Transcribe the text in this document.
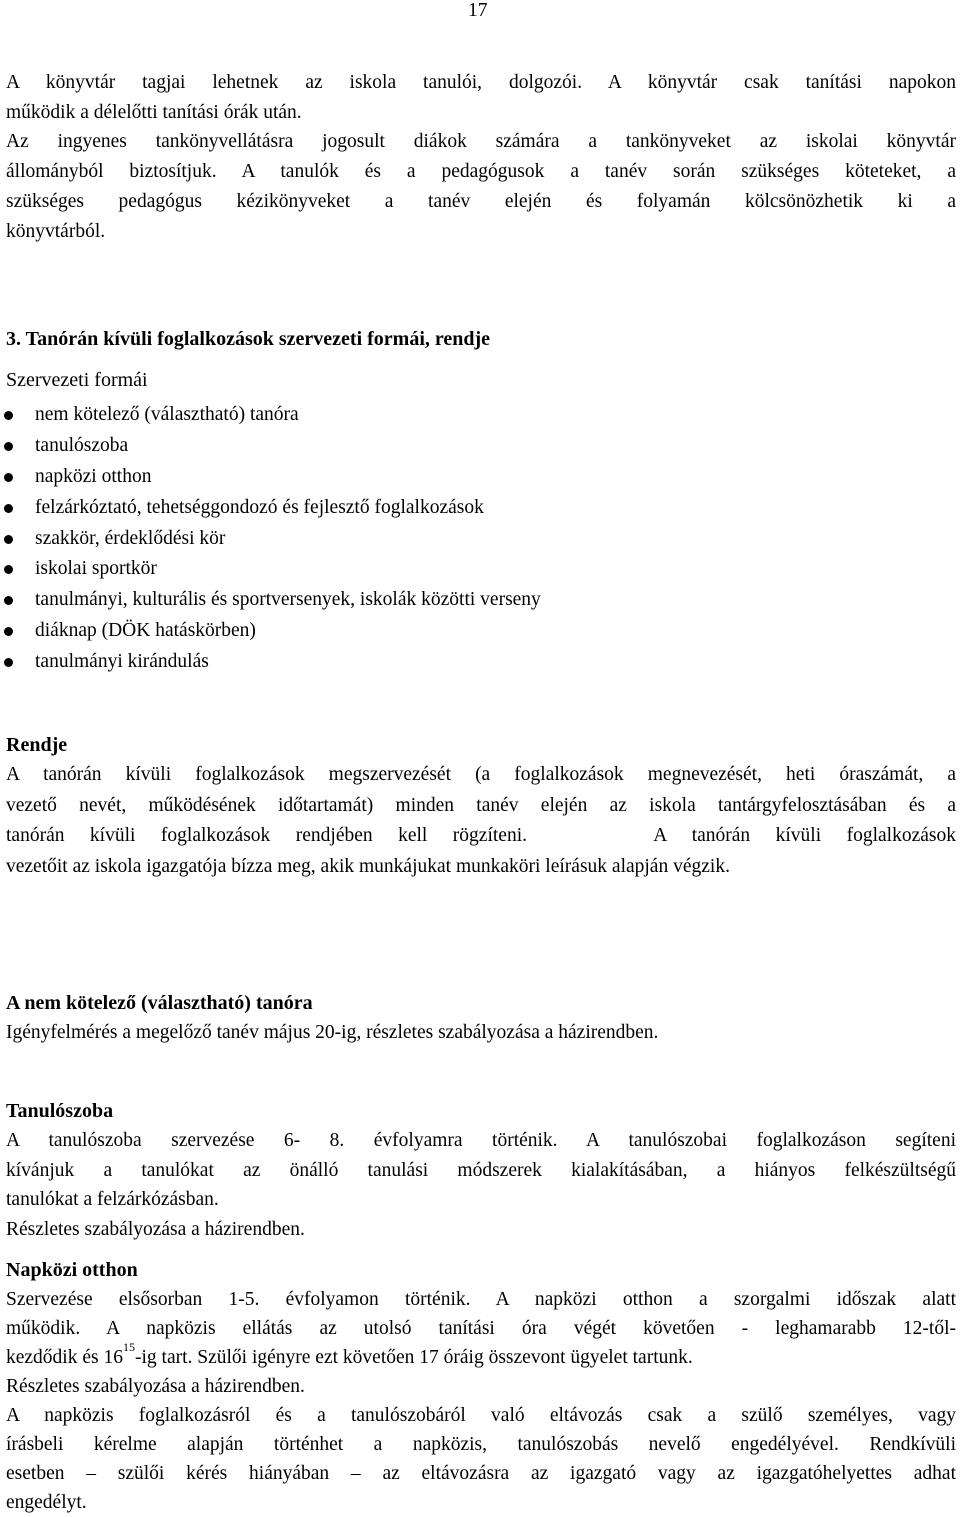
17
A könyvtár tagjai lehetnek az iskola tanulói, dolgozói. A könyvtár csak tanítási napokon
működik a délelőtti tanítási órák után.
Az ingyenes tankönyvellátásra jogosult diákok számára a tankönyveket az iskolai könyvtár
állományból biztosítjuk. A tanulók és a pedagógusok a tanév során szükséges köteteket, a
szükséges pedagógus kézikönyveket a tanév elején és folyamán kölcsönözhetik ki a
könyvtárból.
3. Tanórán kívüli foglalkozások szervezeti formái, rendje
Szervezeti formái
nem kötelező (választható) tanóra
tanulószoba
napközi otthon
felzárkóztató, tehetséggondozó és fejlesztő foglalkozások
szakkör, érdeklődési kör
iskolai sportkör
tanulmányi, kulturális és sportversenyek, iskolák közötti verseny
diáknap (DÖK hatáskörben)
tanulmányi kirándulás
Rendje
A tanórán kívüli foglalkozások megszervezését (a foglalkozások megnevezését, heti óraszámát, a
vezető nevét, működésének időtartamát) minden tanév elején az iskola tantárgyfelosztásában és a
tanórán kívüli foglalkozások rendjében kell rögzíteni.     A tanórán kívüli foglalkozások
vezetőit az iskola igazgatója bízza meg, akik munkájukat munkaköri leírásuk alapján végzik.
A nem kötelező (választható) tanóra
Igényfelmérés a megelőző tanév május 20-ig, részletes szabályozása a házirendben.
Tanulószoba
A tanulószoba szervezése 6- 8. évfolyamra történik. A tanulószobai foglalkozáson segíteni
kívánjuk a tanulókat az önálló tanulási módszerek kialakításában, a hiányos felkészültségű
tanulókat a felzárkózásban.
Részletes szabályozása a házirendben.
Napközi otthon
Szervezése elsősorban 1-5. évfolyamon történik. A napközi otthon a szorgalmi időszak alatt
működik. A napközis ellátás az utolsó tanítási óra végét követően - leghamarabb 12-től-
kezdődik és $16^{15}-ig$ tart. Szülői igényre ezt követően 17 óráig összevont ügyelet tartunk.
Részletes szabályozása a házirendben.
A napközis foglalkozásról és a tanulószobáról való eltávozás csak a szülő személyes, vagy
írásbeli kérelme alapján történhet a napközis, tanulószobás nevelő engedélyével. Rendkívüli
esetben – szülői kérés hiányában – az eltávozásra az igazgató vagy az igazgatóhelyettes adhat
engedélyt.
